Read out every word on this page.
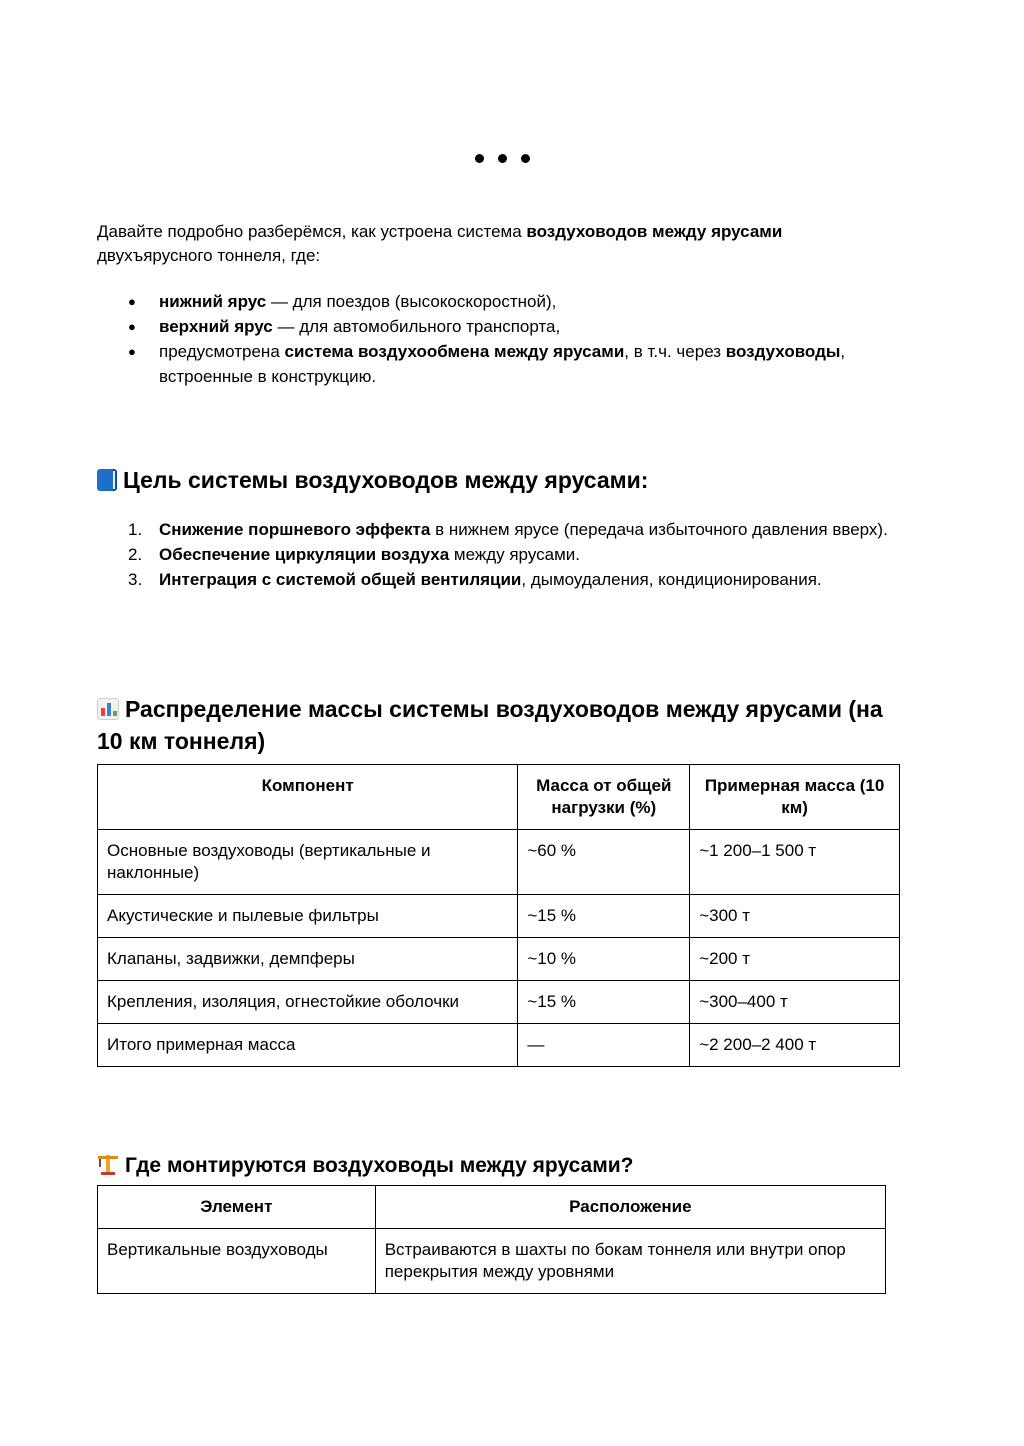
Давайте подробно разберёмся, как устроена система воздуховодов между ярусами двухъярусного тоннеля, где:
● нижний ярус — для поездов (высокоскоростной),
● верхний ярус — для автомобильного транспорта,
● предусмотрена система воздухообмена между ярусами, в т.ч. через воздуховоды, встроенные в конструкцию.
Цель системы воздуховодов между ярусами:
1. Снижение поршневого эффекта в нижнем ярусе (передача избыточного давления вверх).
2. Обеспечение циркуляции воздуха между ярусами.
3. Интеграция с системой общей вентиляции, дымоудаления, кондиционирования.
Распределение массы системы воздуховодов между ярусами (на 10 км тоннеля)
Компонент	Масса от общей нагрузки (%)	Примерная масса (10 км)
Основные воздуховоды (вертикальные и наклонные)	~60 %	~1 200–1 500 т
Акустические и пылевые фильтры	~15 %	~300 т
Клапаны, задвижки, демпферы	~10 %	~200 т
Крепления, изоляция, огнестойкие оболочки	~15 %	~300–400 т
Итого примерная масса	—	~2 200–2 400 т
Где монтируются воздуховоды между ярусами?
Элемент	Расположение
Вертикальные воздуховоды	Встраиваются в шахты по бокам тоннеля или внутри опор перекрытия между уровнями
